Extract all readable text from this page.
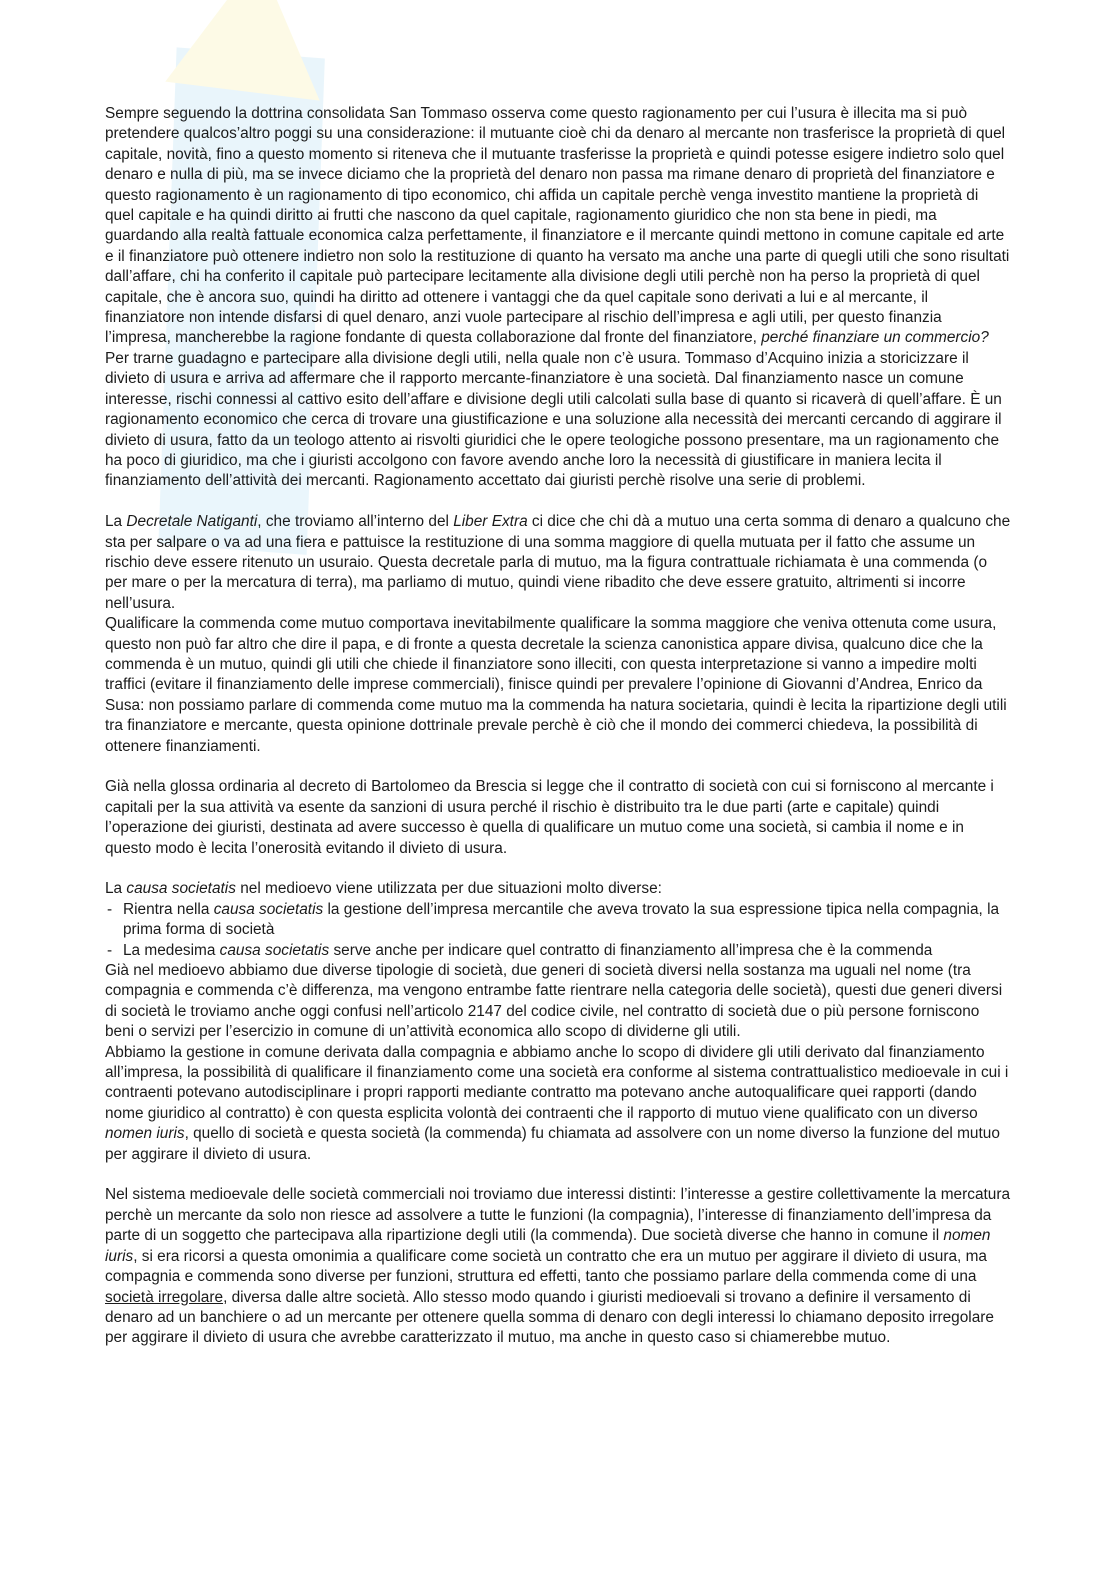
Sempre seguendo la dottrina consolidata San Tommaso osserva come questo ragionamento per cui l’usura è illecita ma si può pretendere qualcos’altro poggi su una considerazione: il mutuante cioè chi da denaro al mercante non trasferisce la proprietà di quel capitale, novità, fino a questo momento si riteneva che il mutuante trasferisse la proprietà e quindi potesse esigere indietro solo quel denaro e nulla di più, ma se invece diciamo che la proprietà del denaro non passa ma rimane denaro di proprietà del finanziatore e questo ragionamento è un ragionamento di tipo economico, chi affida un capitale perchè venga investito mantiene la proprietà di quel capitale e ha quindi diritto ai frutti che nascono da quel capitale, ragionamento giuridico che non sta bene in piedi, ma guardando alla realtà fattuale economica calza perfettamente, il finanziatore e il mercante quindi mettono in comune capitale ed arte e il finanziatore può ottenere indietro non solo la restituzione di quanto ha versato ma anche una parte di quegli utili che sono risultati dall’affare, chi ha conferito il capitale può partecipare lecitamente alla divisione degli utili perchè non ha perso la proprietà di quel capitale, che è ancora suo, quindi ha diritto ad ottenere i vantaggi che da quel capitale sono derivati a lui e al mercante, il finanziatore non intende disfarsi di quel denaro, anzi vuole partecipare al rischio dell’impresa e agli utili, per questo finanzia l’impresa, mancherebbe la ragione fondante di questa collaborazione dal fronte del finanziatore, perché finanziare un commercio? Per trarne guadagno e partecipare alla divisione degli utili, nella quale non c’è usura. Tommaso d’Acquino inizia a storicizzare il divieto di usura e arriva ad affermare che il rapporto mercante-finanziatore è una società. Dal finanziamento nasce un comune interesse, rischi connessi al cattivo esito dell’affare e divisione degli utili calcolati sulla base di quanto si ricaverà di quell’affare. È un ragionamento economico che cerca di trovare una giustificazione e una soluzione alla necessità dei mercanti cercando di aggirare il divieto di usura, fatto da un teologo attento ai risvolti giuridici che le opere teologiche possono presentare, ma un ragionamento che ha poco di giuridico, ma che i giuristi accolgono con favore avendo anche loro la necessità di giustificare in maniera lecita il finanziamento dell’attività dei mercanti. Ragionamento accettato dai giuristi perchè risolve una serie di problemi.

La Decretale Natiganti, che troviamo all’interno del Liber Extra ci dice che chi dà a mutuo una certa somma di denaro a qualcuno che sta per salpare o va ad una fiera e pattuisce la restituzione di una somma maggiore di quella mutuata per il fatto che assume un rischio deve essere ritenuto un usuraio. Questa decretale parla di mutuo, ma la figura contrattuale richiamata è una commenda (o per mare o per la mercatura di terra), ma parliamo di mutuo, quindi viene ribadito che deve essere gratuito, altrimenti si incorre nell’usura.

Qualificare la commenda come mutuo comportava inevitabilmente qualificare la somma maggiore che veniva ottenuta come usura, questo non può far altro che dire il papa, e di fronte a questa decretale la scienza canonistica appare divisa, qualcuno dice che la commenda è un mutuo, quindi gli utili che chiede il finanziatore sono illeciti, con questa interpretazione si vanno a impedire molti traffici (evitare il finanziamento delle imprese commerciali), finisce quindi per prevalere l’opinione di Giovanni d’Andrea, Enrico da Susa: non possiamo parlare di commenda come mutuo ma la commenda ha natura societaria, quindi è lecita la ripartizione degli utili tra finanziatore e mercante, questa opinione dottrinale prevale perchè è ciò che il mondo dei commerci chiedeva, la possibilità di ottenere finanziamenti.

Già nella glossa ordinaria al decreto di Bartolomeo da Brescia si legge che il contratto di società con cui si forniscono al mercante i capitali per la sua attività va esente da sanzioni di usura perché il rischio è distribuito tra le due parti (arte e capitale) quindi l’operazione dei giuristi, destinata ad avere successo è quella di qualificare un mutuo come una società, si cambia il nome e in questo modo è lecita l’onerosità evitando il divieto di usura.

La causa societatis nel medioevo viene utilizzata per due situazioni molto diverse:

- Rientra nella causa societatis la gestione dell’impresa mercantile che aveva trovato la sua espressione tipica nella compagnia, la prima forma di società
- La medesima causa societatis serve anche per indicare quel contratto di finanziamento all’impresa che è la commenda

Già nel medioevo abbiamo due diverse tipologie di società, due generi di società diversi nella sostanza ma uguali nel nome (tra compagnia e commenda c’è differenza, ma vengono entrambe fatte rientrare nella categoria delle società), questi due generi diversi di società le troviamo anche oggi confusi nell’articolo 2147 del codice civile, nel contratto di società due o più persone forniscono beni o servizi per l’esercizio in comune di un’attività economica allo scopo di dividerne gli utili.

Abbiamo la gestione in comune derivata dalla compagnia e abbiamo anche lo scopo di dividere gli utili derivato dal finanziamento all’impresa, la possibilità di qualificare il finanziamento come una società era conforme al sistema contrattualistico medioevale in cui i contraenti potevano autodisciplinare i propri rapporti mediante contratto ma potevano anche autoqualificare quei rapporti (dando nome giuridico al contratto) è con questa esplicita volontà dei contraenti che il rapporto di mutuo viene qualificato con un diverso nomen iuris, quello di società e questa società (la commenda) fu chiamata ad assolvere con un nome diverso la funzione del mutuo per aggirare il divieto di usura.

Nel sistema medioevale delle società commerciali noi troviamo due interessi distinti: l’interesse a gestire collettivamente la mercatura perchè un mercante da solo non riesce ad assolvere a tutte le funzioni (la compagnia), l’interesse di finanziamento dell’impresa da parte di un soggetto che partecipava alla ripartizione degli utili (la commenda). Due società diverse che hanno in comune il nomen iuris, si era ricorsi a questa omonimia a qualificare come società un contratto che era un mutuo per aggirare il divieto di usura, ma compagnia e commenda sono diverse per funzioni, struttura ed effetti, tanto che possiamo parlare della commenda come di una società irregolare, diversa dalle altre società. Allo stesso modo quando i giuristi medioevali si trovano a definire il versamento di denaro ad un banchiere o ad un mercante per ottenere quella somma di denaro con degli interessi lo chiamano deposito irregolare per aggirare il divieto di usura che avrebbe caratterizzato il mutuo, ma anche in questo caso si chiamerebbe mutuo.
